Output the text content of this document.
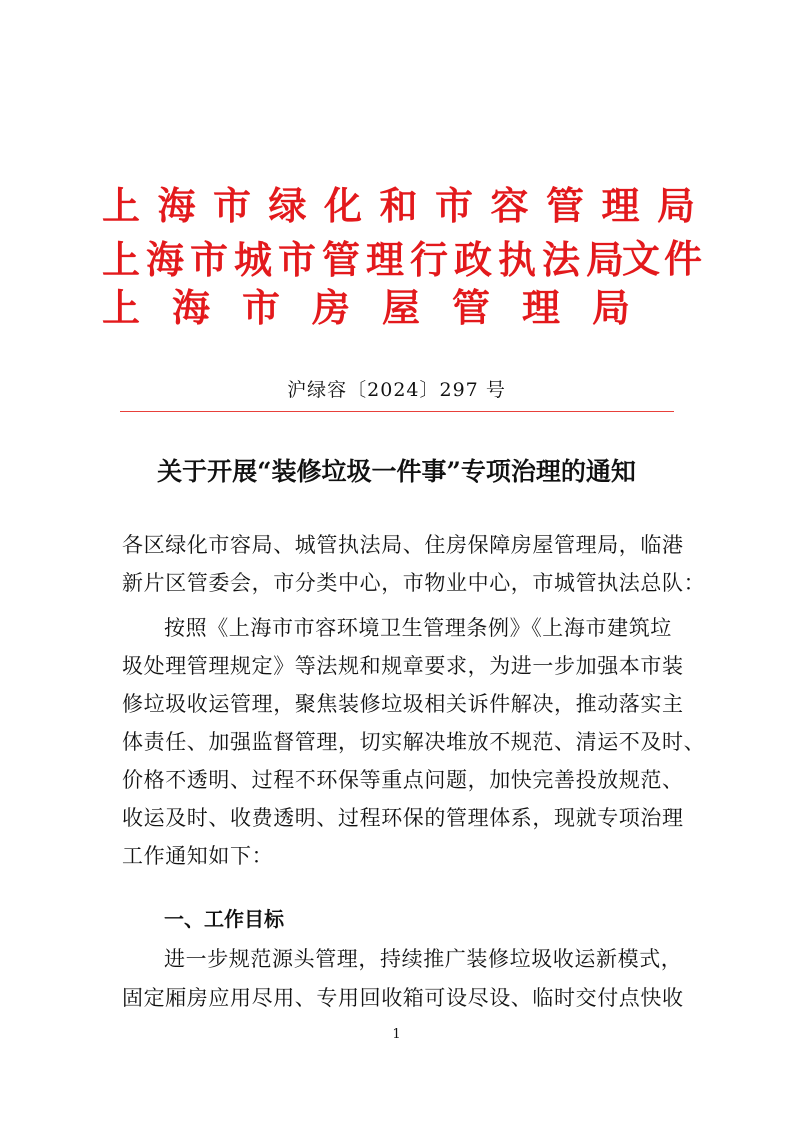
上 海 市 绿 化 和 市 容 管 理 局
上 海 市 城 市 管 理 行 政 执 法 局
上 海 市 房 屋 管 理 局
文件
沪绿容〔2024〕297 号
关于开展“装修垃圾一件事”专项治理的通知
各区绿化市容局、城管执法局、住房保障房屋管理局，临港
新片区管委会，市分类中心，市物业中心，市城管执法总队：
按照《上海市市容环境卫生管理条例》《上海市建筑垃
圾处理管理规定》等法规和规章要求，为进一步加强本市装
修垃圾收运管理，聚焦装修垃圾相关诉件解决，推动落实主
体责任、加强监督管理，切实解决堆放不规范、清运不及时、
价格不透明、过程不环保等重点问题，加快完善投放规范、
收运及时、收费透明、过程环保的管理体系，现就专项治理
工作通知如下：
一、工作目标
进一步规范源头管理，持续推广装修垃圾收运新模式，
固定厢房应用尽用、专用回收箱可设尽设、临时交付点快收
1
